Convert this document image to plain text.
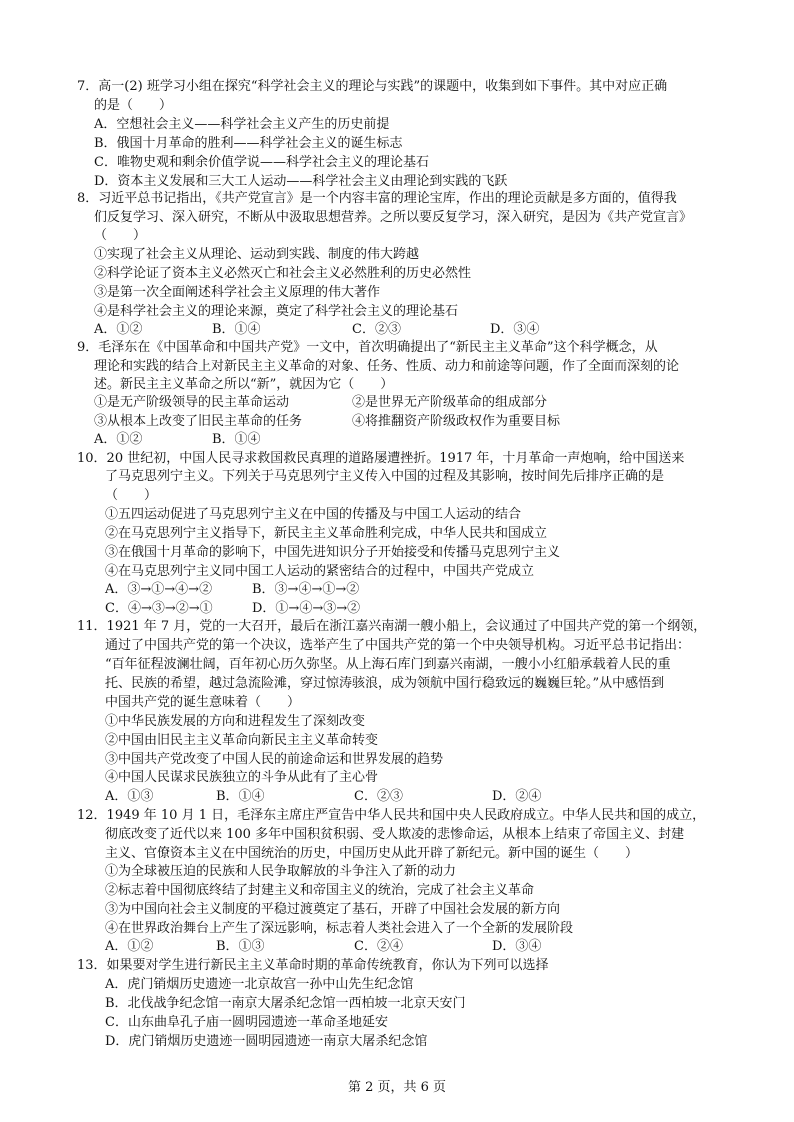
7．高一(2) 班学习小组在探究“科学社会主义的理论与实践”的课题中，收集到如下事件。其中对应正确
的是（　　）
A．空想社会主义——科学社会主义产生的历史前提
B．俄国十月革命的胜利——科学社会主义的诞生标志
C．唯物史观和剩余价值学说——科学社会主义的理论基石
D．资本主义发展和三大工人运动——科学社会主义由理论到实践的飞跃
8．习近平总书记指出，《共产党宣言》是一个内容丰富的理论宝库，作出的理论贡献是多方面的，值得我
们反复学习、深入研究，不断从中汲取思想营养。之所以要反复学习，深入研究，是因为《共产党宣言》
（　　）
①实现了社会主义从理论、运动到实践、制度的伟大跨越
②科学论证了资本主义必然灭亡和社会主义必然胜利的历史必然性
③是第一次全面阐述科学社会主义原理的伟大著作
④是科学社会主义的理论来源，奠定了科学社会主义的理论基石
A．①②	B．①④	C．②③	D．③④
9．毛泽东在《中国革命和中国共产党》一文中，首次明确提出了“新民主主义革命”这个科学概念，从
理论和实践的结合上对新民主主义革命的对象、任务、性质、动力和前途等问题，作了全面而深刻的论
述。新民主主义革命之所以“新”，就因为它（　　）
①是无产阶级领导的民主革命运动	②是世界无产阶级革命的组成部分
③从根本上改变了旧民主革命的任务	④将推翻资产阶级政权作为重要目标
A．①②	B．①④
10．20 世纪初，中国人民寻求救国救民真理的道路屡遭挫折。1917 年，十月革命一声炮响，给中国送来
了马克思列宁主义。下列关于马克思列宁主义传入中国的过程及其影响，按时间先后排序正确的是
（　　）
①五四运动促进了马克思列宁主义在中国的传播及与中国工人运动的结合
②在马克思列宁主义指导下，新民主主义革命胜利完成，中华人民共和国成立
③在俄国十月革命的影响下，中国先进知识分子开始接受和传播马克思列宁主义
④在马克思列宁主义同中国工人运动的紧密结合的过程中，中国共产党成立
A．③→①→④→②	B．③→④→①→②
C．④→③→②→①	D．①→④→③→②
11．1921 年 7 月，党的一大召开，最后在浙江嘉兴南湖一艘小船上，会议通过了中国共产党的第一个纲领，
通过了中国共产党的第一个决议，选举产生了中国共产党的第一个中央领导机构。习近平总书记指出：
“百年征程波澜壮阔，百年初心历久弥坚。从上海石库门到嘉兴南湖，一艘小小红船承载着人民的重
托、民族的希望，越过急流险滩，穿过惊涛骇浪，成为领航中国行稳致远的巍巍巨轮。”从中感悟到
中国共产党的诞生意味着（　　）
①中华民族发展的方向和进程发生了深刻改变
②中国由旧民主主义革命向新民主主义革命转变
③中国共产党改变了中国人民的前途命运和世界发展的趋势
④中国人民谋求民族独立的斗争从此有了主心骨
A．①③	B．①④	C．②③	D．②④
12．1949 年 10 月 1 日，毛泽东主席庄严宣告中华人民共和国中央人民政府成立。中华人民共和国的成立，
彻底改变了近代以来 100 多年中国积贫积弱、受人欺凌的悲惨命运，从根本上结束了帝国主义、封建
主义、官僚资本主义在中国统治的历史，中国历史从此开辟了新纪元。新中国的诞生（　　）
①为全球被压迫的民族和人民争取解放的斗争注入了新的动力
②标志着中国彻底终结了封建主义和帝国主义的统治，完成了社会主义革命
③为中国向社会主义制度的平稳过渡奠定了基石，开辟了中国社会发展的新方向
④在世界政治舞台上产生了深远影响，标志着人类社会进入了一个全新的发展阶段
A．①②	B．①③	C．②④	D．③④
13．如果要对学生进行新民主主义革命时期的革命传统教育，你认为下列可以选择
A．虎门销烟历史遗迹一北京故宫一孙中山先生纪念馆
B．北伐战争纪念馆一南京大屠杀纪念馆一西柏坡一北京天安门
C．山东曲阜孔子庙一圆明园遗迹一革命圣地延安
D．虎门销烟历史遗迹一圆明园遗迹一南京大屠杀纪念馆
第 2 页，共 6 页
